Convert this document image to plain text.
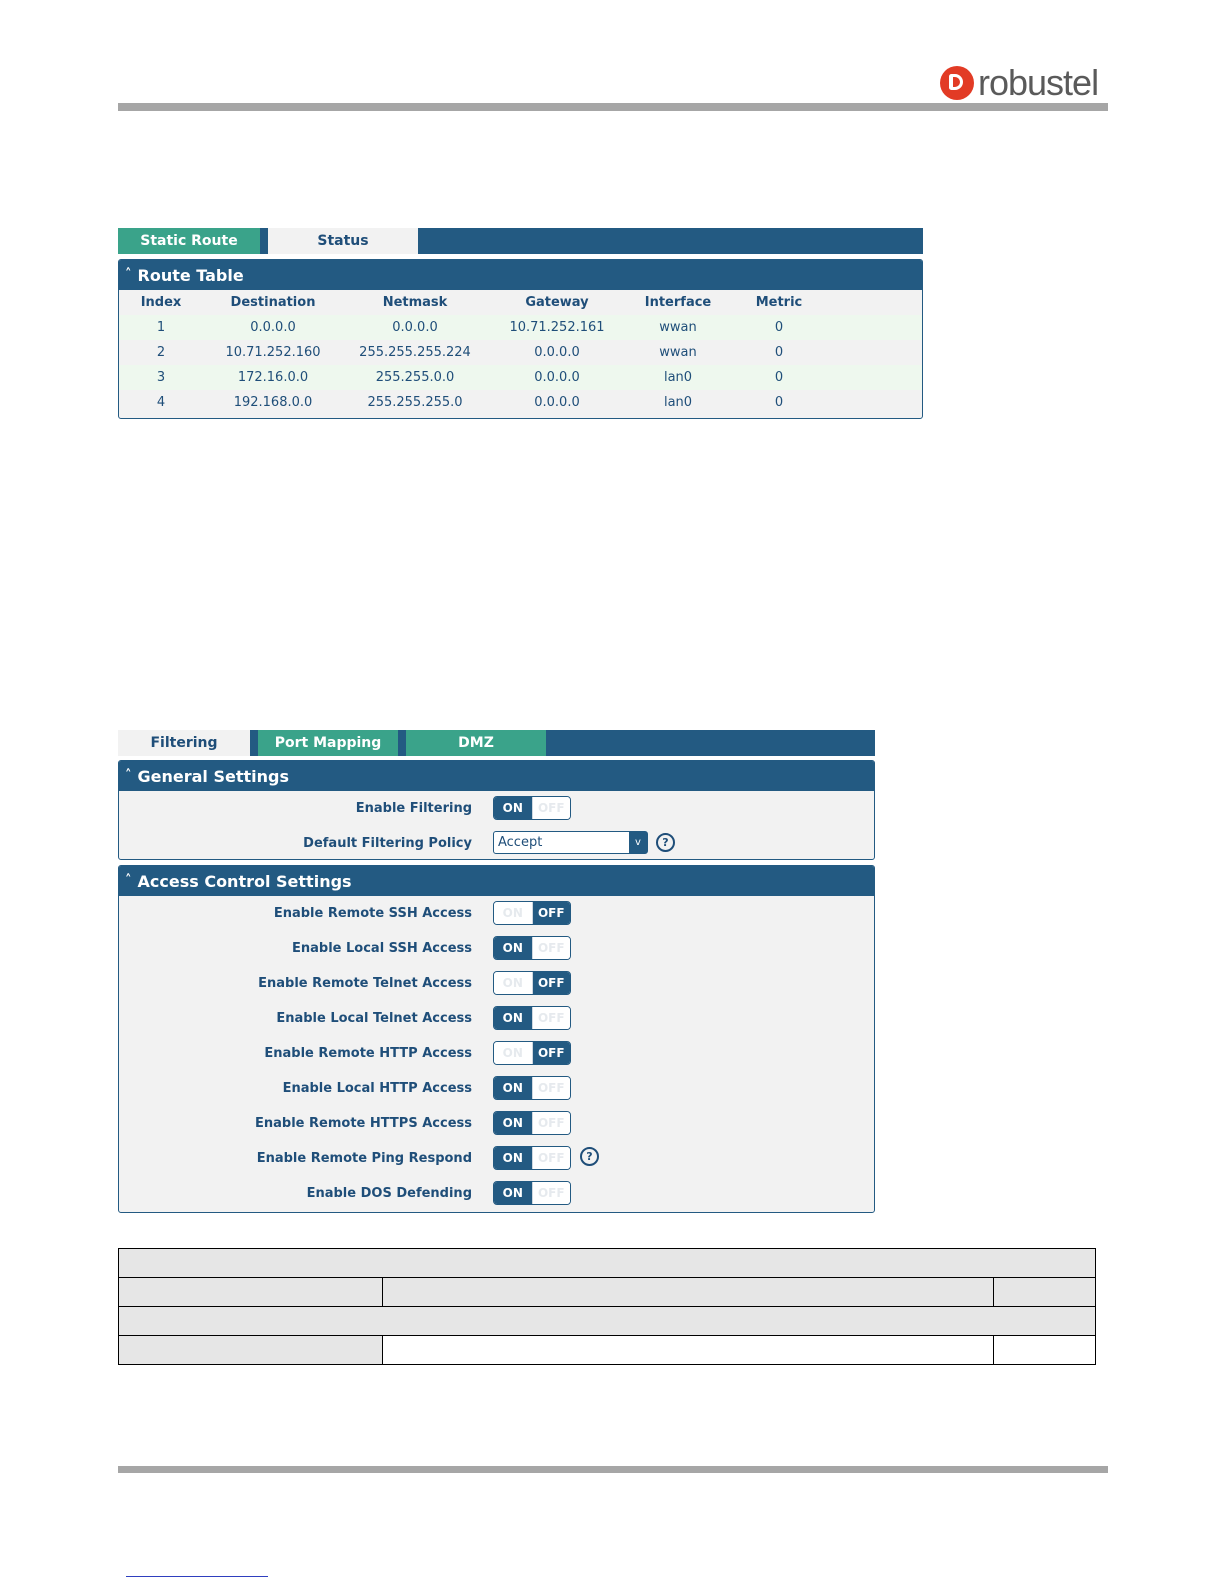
robustel
Static Route	Status
˄ Route Table
Index	Destination	Netmask	Gateway	Interface	Metric	
1	0.0.0.0	0.0.0.0	10.71.252.161	wwan	0	
2	10.71.252.160	255.255.255.224	0.0.0.0	wwan	0	
3	172.16.0.0	255.255.0.0	0.0.0.0	lan0	0	
4	192.168.0.0	255.255.255.0	0.0.0.0	lan0	0	
Filtering	Port Mapping	DMZ
˄ General Settings
Enable Filtering	ON	OFF
Default Filtering Policy Accept	v	?
˄ Access Control Settings
Enable Remote SSH Access	ON	OFF
Enable Local SSH Access	ON	OFF
Enable Remote Telnet Access	ON	OFF
Enable Local Telnet Access	ON	OFF
Enable Remote HTTP Access	ON	OFF
Enable Local HTTP Access	ON	OFF
Enable Remote HTTPS Access	ON	OFF
Enable Remote Ping Respond	ON	OFF	?
Enable DOS Defending	ON	OFF
